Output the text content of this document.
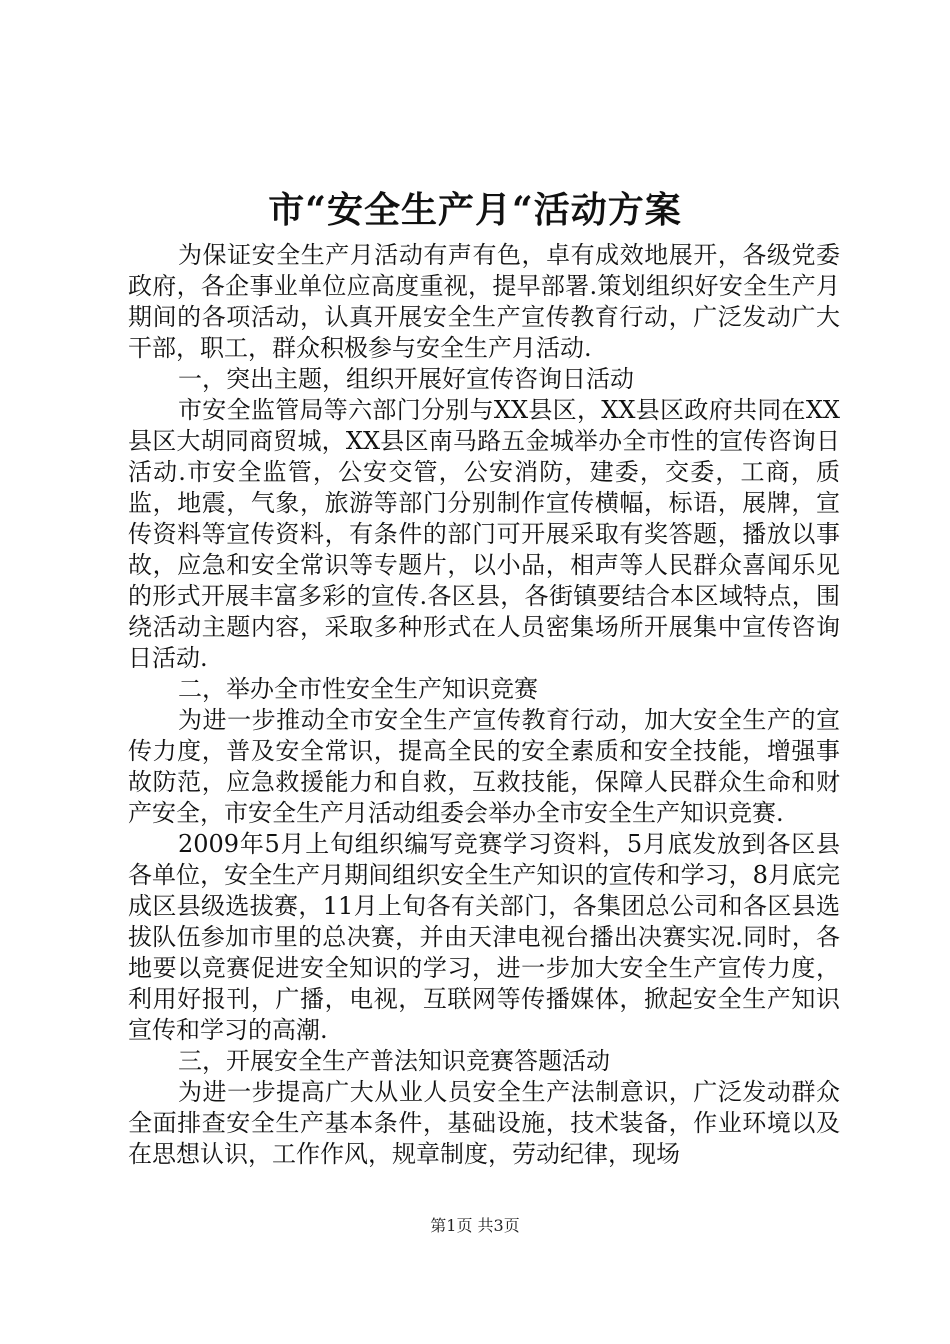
市“安全生产月“活动方案

为保证安全生产月活动有声有色，卓有成效地展开，各级党委政府，各企事业单位应高度重视，提早部署.策划组织好安全生产月期间的各项活动，认真开展安全生产宣传教育行动，广泛发动广大干部，职工，群众积极参与安全生产月活动.

一，突出主题，组织开展好宣传咨询日活动

市安全监管局等六部门分别与XX县区，XX县区政府共同在XX县区大胡同商贸城，XX县区南马路五金城举办全市性的宣传咨询日活动.市安全监管，公安交管，公安消防，建委，交委，工商，质监，地震，气象，旅游等部门分别制作宣传横幅，标语，展牌，宣传资料等宣传资料，有条件的部门可开展采取有奖答题，播放以事故，应急和安全常识等专题片，以小品，相声等人民群众喜闻乐见的形式开展丰富多彩的宣传.各区县，各街镇要结合本区域特点，围绕活动主题内容，采取多种形式在人员密集场所开展集中宣传咨询日活动.

二，举办全市性安全生产知识竞赛

为进一步推动全市安全生产宣传教育行动，加大安全生产的宣传力度，普及安全常识，提高全民的安全素质和安全技能，增强事故防范，应急救援能力和自救，互救技能，保障人民群众生命和财产安全，市安全生产月活动组委会举办全市安全生产知识竞赛.

2009年5月上旬组织编写竞赛学习资料，5月底发放到各区县各单位，安全生产月期间组织安全生产知识的宣传和学习，8月底完成区县级选拔赛，11月上旬各有关部门，各集团总公司和各区县选拔队伍参加市里的总决赛，并由天津电视台播出决赛实况.同时，各地要以竞赛促进安全知识的学习，进一步加大安全生产宣传力度，利用好报刊，广播，电视，互联网等传播媒体，掀起安全生产知识宣传和学习的高潮.

三，开展安全生产普法知识竞赛答题活动

为进一步提高广大从业人员安全生产法制意识，广泛发动群众全面排查安全生产基本条件，基础设施，技术装备，作业环境以及在思想认识，工作作风，规章制度，劳动纪律，现场

第1页 共3页
